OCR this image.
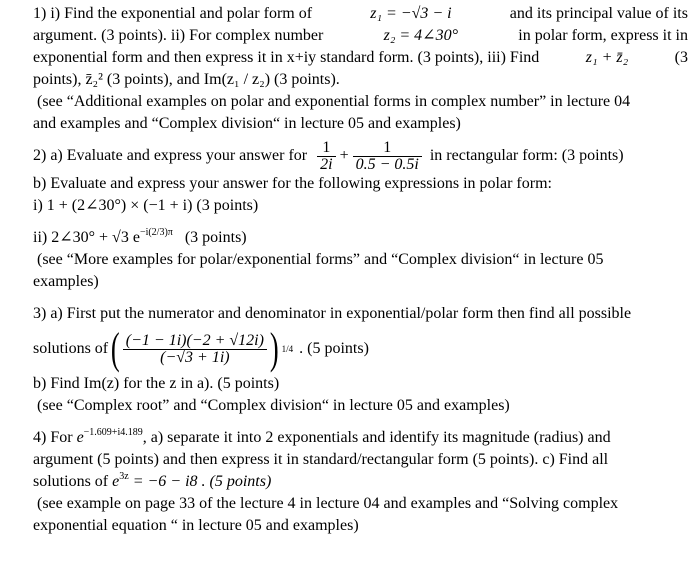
1) i) Find the exponential and polar form of	z₁ = −√3 − i	and its principal value of its
argument. (3 points). ii) For complex number	z₂ = 4∠30°	in polar form, express it in
exponential form and then express it in x+iy standard form. (3 points), iii) Find	z₁ + z̄₂	(3
points), z̄₂² (3 points), and Im(z₁ / z₂) (3 points).
(see “Additional examples on polar and exponential forms in complex number” in lecture 04
and examples and “Complex division“ in lecture 05 and examples)
2) a) Evaluate and express your answer for $\frac{1}{2i} + \frac{1}{0.5 - 0.5i}$ in rectangular form: (3 points)
b) Evaluate and express your answer for the following expressions in polar form:
i) 1 + (2∠30°) × (−1 + i) (3 points)
ii) 2∠30° + √3 $e^{-i(2/3)\pi}$ (3 points)
(see “More examples for polar/exponential forms” and “Complex division“ in lecture 05
examples)
3) a) First put the numerator and denominator in exponential/polar form then find all possible
solutions of ( $\frac{(-1 - 1i)(-2 + √12i)}{(-√3 + 1i)}$ ) 1/4 . (5 points)
b) Find Im(z) for the z in a). (5 points)
(see “Complex root” and “Complex division“ in lecture 05 and examples)
4) For $e^{-1.609+i4.189}$, a) separate it into 2 exponentials and identify its magnitude (radius) and
argument (5 points) and then express it in standard/rectangular form (5 points). c) Find all
solutions of $e^{3z} = -6 - i8$ . (5 points)
(see example on page 33 of the lecture 4 in lecture 04 and examples and “Solving complex
exponential equation “ in lecture 05 and examples)
